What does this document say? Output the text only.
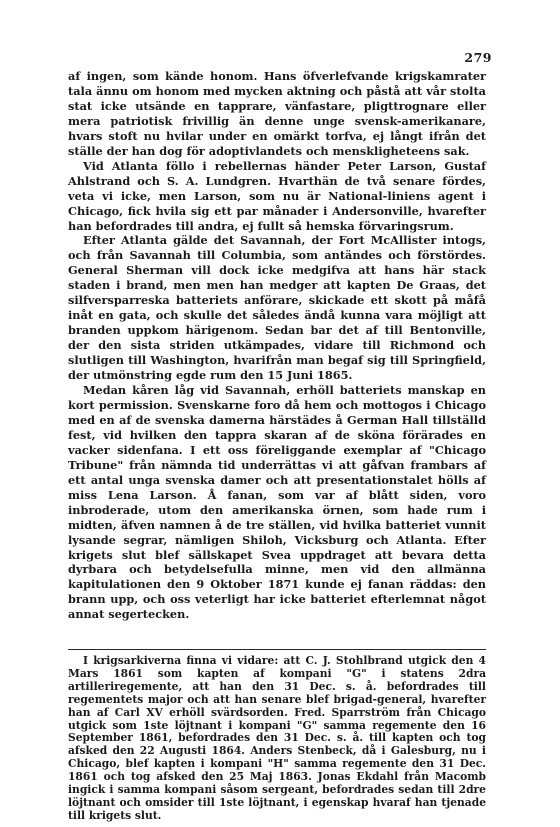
279

af ingen, som kände honom. Hans öfverlefvande krigskamrater tala ännu om honom med mycken aktning och påstå att vår stolta stat icke utsände en tapprare, vänfastare, pligttrognare eller mera patriotisk frivillig än denne unge svensk-amerikanare, hvars stoft nu hvilar under en omärkt torfva, ej långt ifrån det ställe der han dog för adoptivlandets och menskligheteens sak.

Vid Atlanta föllo i rebellernas händer Peter Larson, Gustaf Ahlstrand och S. A. Lundgren. Hvarthän de två senare fördes, veta vi icke, men Larson, som nu är National-liniens agent i Chicago, fick hvila sig ett par månader i Andersonville, hvarefter han befordrades till andra, ej fullt så hemska förvaringsrum.

Efter Atlanta gälde det Savannah, der Fort McAllister intogs, och från Savannah till Columbia, som antändes och förstördes. General Sherman vill dock icke medgifva att hans här stack staden i brand, men men han medger att kapten De Graas, det silfversparreska batteriets anförare, skickade ett skott på måfå inåt en gata, och skulle det således ändå kunna vara möjligt att branden uppkom härigenom. Sedan bar det af till Bentonville, der den sista striden utkämpades, vidare till Richmond och slutligen till Washington, hvarifrån man begaf sig till Springfield, der utmönstring egde rum den 15 Juni 1865.

Medan kåren låg vid Savannah, erhöll batteriets manskap en kort permission. Svenskarne foro då hem och mottogos i Chicago med en af de svenska damerna härstädes å German Hall tillställd fest, vid hvilken den tappra skaran af de sköna förärades en vacker sidenfana. I ett oss föreliggande exemplar af "Chicago Tribune" från nämnda tid underrättas vi att gåfvan frambars af ett antal unga svenska damer och att presentationstalet hölls af miss Lena Larson. Å fanan, som var af blått siden, voro inbroderade, utom den amerikanska örnen, som hade rum i midten, äfven namnen å de tre ställen, vid hvilka batteriet vunnit lysande segrar, nämligen Shiloh, Vicksburg och Atlanta. Efter krigets slut blef sällskapet Svea uppdraget att bevara detta dyrbara och betydelsefulla minne, men vid den allmänna kapitulationen den 9 Oktober 1871 kunde ej fanan räddas: den brann upp, och oss veterligt har icke batteriet efterlemnat något annat segertecken.

I krigsarkiverna finna vi vidare: att C. J. Stohlbrand utgick den 4 Mars 1861 som kapten af kompani "G" i statens 2dra artilleriregemente, att han den 31 Dec. s. å. befordrades till regementets major och att han senare blef brigad-general, hvarefter han af Carl XV erhöll svärdsorden. Fred. Sparrström från Chicago utgick som 1ste löjtnant i kompani "G" samma regemente den 16 September 1861, befordrades den 31 Dec. s. å. till kapten och tog afsked den 22 Augusti 1864. Anders Stenbeck, då i Galesburg, nu i Chicago, blef kapten i kompani "H" samma regemente den 31 Dec. 1861 och tog afsked den 25 Maj 1863. Jonas Ekdahl från Macomb ingick i samma kompani såsom sergeant, befordrades sedan till 2dre löjtnant och omsider till 1ste löjtnant, i egenskap hvaraf han tjenade till krigets slut.
